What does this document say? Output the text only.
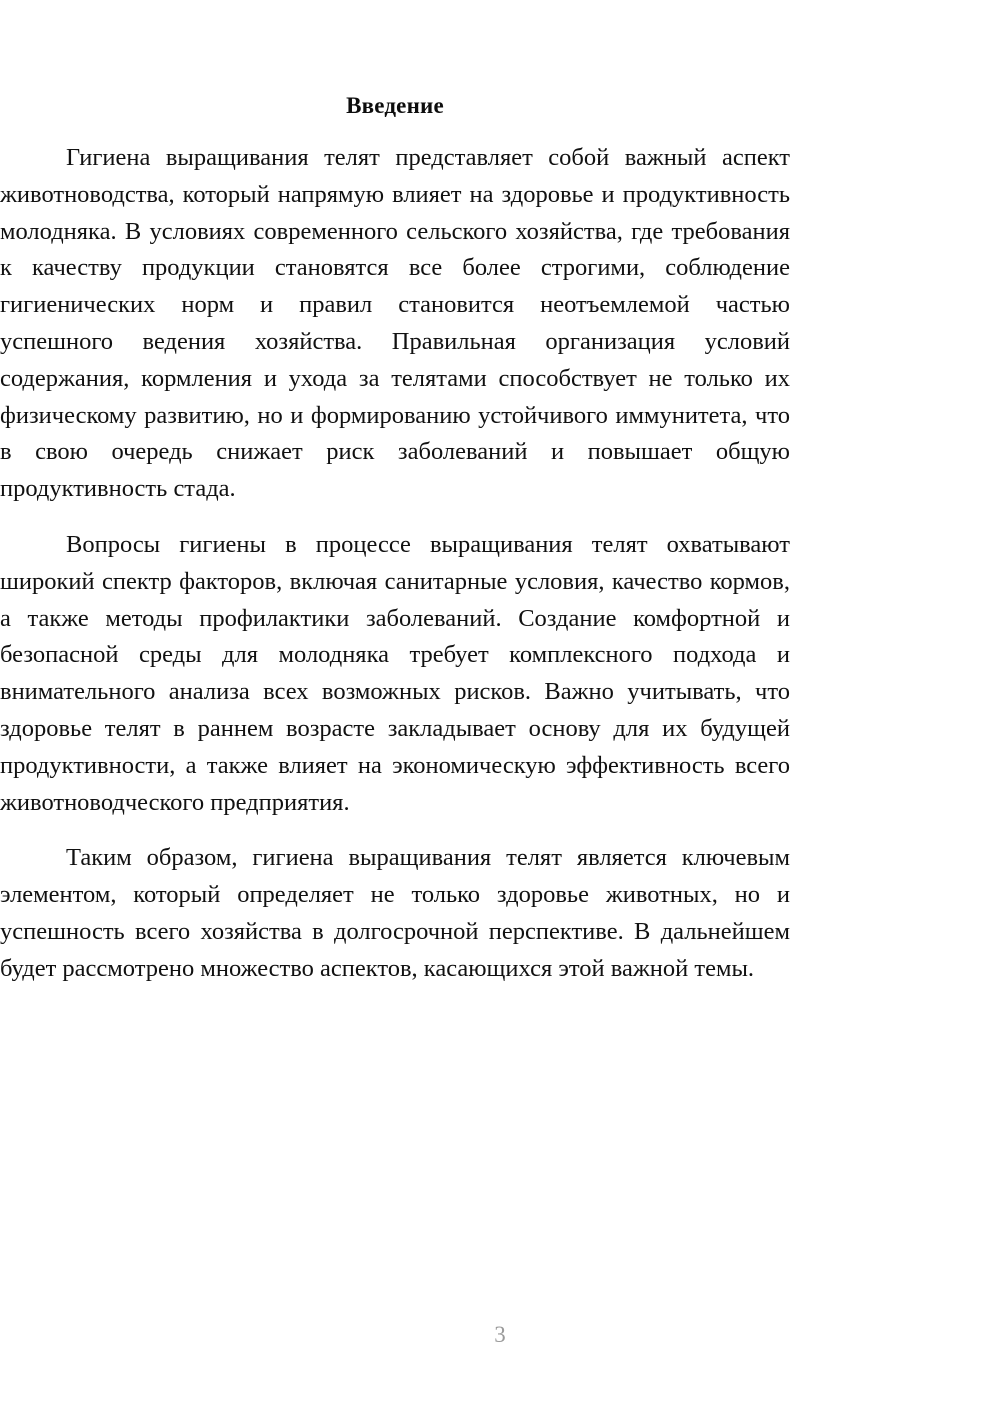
Введение

Гигиена выращивания телят представляет собой важный аспект животноводства, который напрямую влияет на здоровье и продуктивность молодняка. В условиях современного сельского хозяйства, где требования к качеству продукции становятся все более строгими, соблюдение гигиенических норм и правил становится неотъемлемой частью успешного ведения хозяйства. Правильная организация условий содержания, кормления и ухода за телятами способствует не только их физическому развитию, но и формированию устойчивого иммунитета, что в свою очередь снижает риск заболеваний и повышает общую продуктивность стада.

Вопросы гигиены в процессе выращивания телят охватывают широкий спектр факторов, включая санитарные условия, качество кормов, а также методы профилактики заболеваний. Создание комфортной и безопасной среды для молодняка требует комплексного подхода и внимательного анализа всех возможных рисков. Важно учитывать, что здоровье телят в раннем возрасте закладывает основу для их будущей продуктивности, а также влияет на экономическую эффективность всего животноводческого предприятия.

Таким образом, гигиена выращивания телят является ключевым элементом, который определяет не только здоровье животных, но и успешность всего хозяйства в долгосрочной перспективе. В дальнейшем будет рассмотрено множество аспектов, касающихся этой важной темы.

3
